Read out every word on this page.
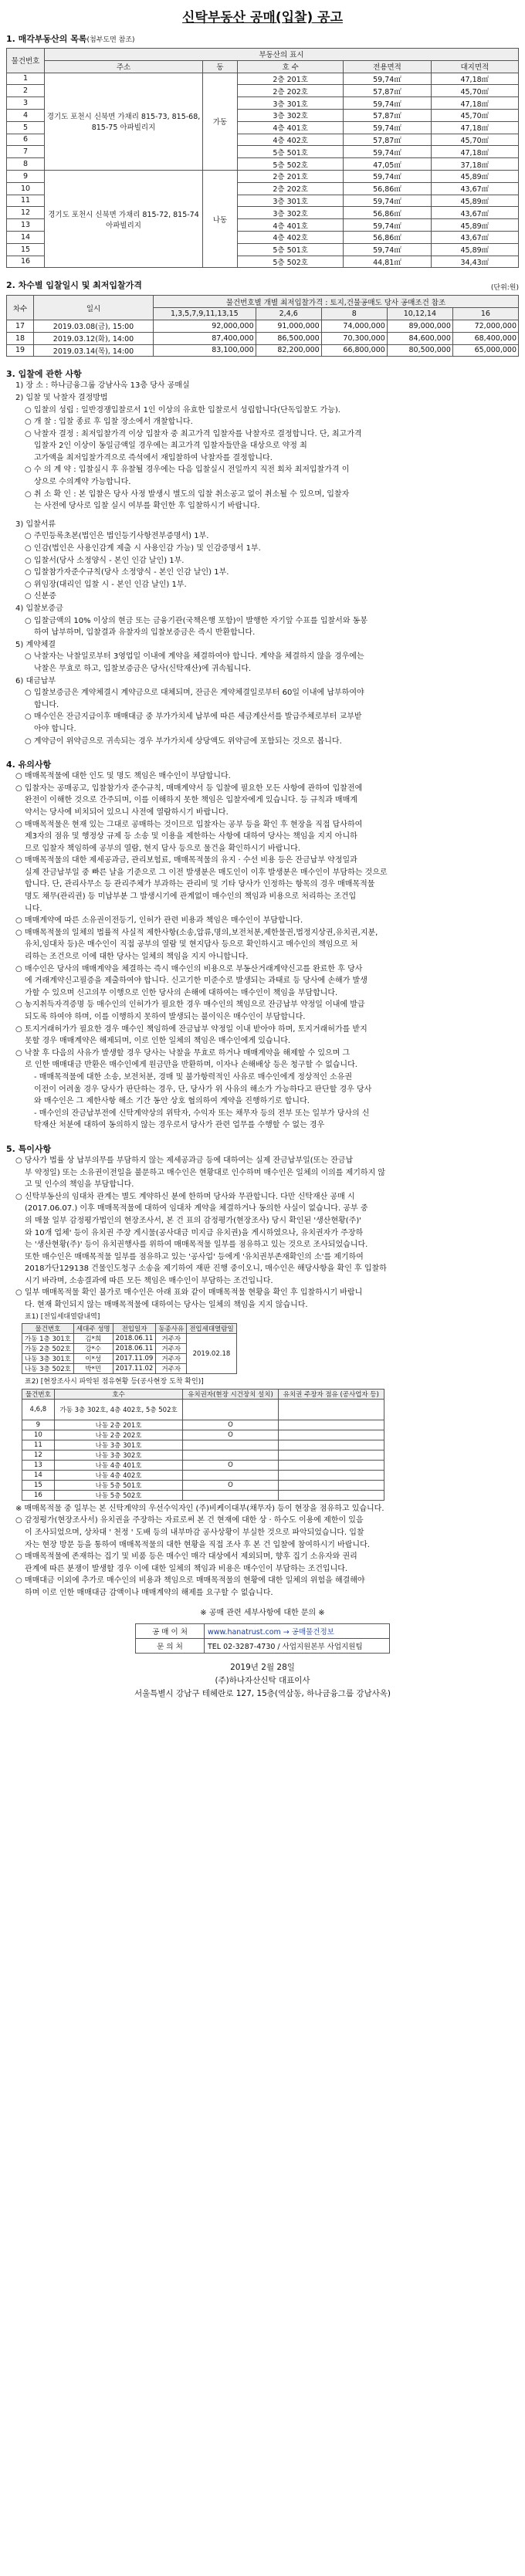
신탁부동산 공매(입찰) 공고
1. 매각부동산의 목록(첨부도면 참조)
물건번호	부동산의 표시				
	주소	동	호 수	전용면적	대지면적
1	경기도 포천시 신북면 가채리 815-73, 815-68, 815-75 아파빌리지	가동	2층 201호	59,74㎡	47,18㎡
2			2층 202호	57,87㎡	45,70㎡
3			3층 301호	59,74㎡	47,18㎡
4			3층 302호	57,87㎡	45,70㎡
5			4층 401호	59,74㎡	47,18㎡
6			4층 402호	57,87㎡	45,70㎡
7			5층 501호	59,74㎡	47,18㎡
8			5층 502호	47,05㎡	37,18㎡
9	경기도 포천시 신북면 가채리 815-72, 815-74 아파빌리지	나동	2층 201호	59,74㎡	45,89㎡
10			2층 202호	56,86㎡	43,67㎡
11			3층 301호	59,74㎡	45,89㎡
12			3층 302호	56,86㎡	43,67㎡
13			4층 401호	59,74㎡	45,89㎡
14			4층 402호	56,86㎡	43,67㎡
15			5층 501호	59,74㎡	45,89㎡
16			5층 502호	44,81㎡	34,43㎡
2. 차수별 입찰일시 및 최저입찰가격	(단위:원)
차수	일시	물건번호별 개별 최저입찰가격 : 토지,건물공매도 당사 공매조건 참조				
		1,3,5,7,9,11,13,15	2,4,6	8	10,12,14	16
17	2019.03.08(금), 15:00	92,000,000	91,000,000	74,000,000	89,000,000	72,000,000
18	2019.03.12(화), 14:00	87,400,000	86,500,000	70,300,000	84,600,000	68,400,000
19	2019.03.14(목), 14:00	83,100,000	82,200,000	66,800,000	80,500,000	65,000,000
3. 입찰에 관한 사항

1) 장 소 : 하나금융그룹 강남사옥 13층 당사 공매실

2) 입찰 및 낙찰자 결정방법

○ 입찰의 성립 : 일반경쟁입찰로서 1인 이상의 유효한 입찰로서 성립합니다(단독입찰도 가능).

○ 개 찰 : 입찰 종료 후 입찰 장소에서 개찰합니다.

○ 낙찰자 결정 : 최저입찰가격 이상 입찰자 중 최고가격 입찰자를 낙찰자로 결정합니다. 단, 최고가격

입찰자 2인 이상이 동일금액일 경우에는 최고가격 입찰자들만을 대상으로 약정 최

고가액을 최저입찰가격으로 즉석에서 재입찰하여 낙찰자를 결정합니다.

○ 수 의 계 약 : 입찰실시 후 유찰될 경우에는 다음 입찰실시 전일까지 직전 회차 최저입찰가격 이

상으로 수의계약 가능합니다.

○ 취 소 확 인 : 본 입찰은 당사 사정 발생시 별도의 입찰 취소공고 없이 취소될 수 있으며, 입찰자

는 사전에 당사로 입찰 실시 여부를 확인한 후 입찰하시기 바랍니다.

3) 입찰서류

○ 주민등록초본(법인은 법인등기사항전부증명서) 1부.

○ 인감(법인은 사용인감계 제출 시 사용인감 가능) 및 인감증명서 1부.

○ 입찰서(당사 소정양식 - 본인 인감 날인) 1부.

○ 입찰참가자준수규칙(당사 소정양식 - 본인 인감 날인) 1부.

○ 위임장(대리인 입찰 시 - 본인 인감 날인) 1부.

○ 신분증

4) 입찰보증금

○ 입찰금액의 10% 이상의 현금 또는 금융기관(국책은행 포함)이 발행한 자기앞 수표를 입찰서와 동봉

하여 납부하며, 입찰결과 유찰자의 입찰보증금은 즉시 반환합니다.

5) 계약체결

○ 낙찰자는 낙찰일로부터 3영업일 이내에 계약을 체결하여야 합니다. 계약을 체결하지 않을 경우에는

낙찰은 무효로 하고, 입찰보증금은 당사(신탁재산)에 귀속됩니다.

6) 대금납부

○ 입찰보증금은 계약체결시 계약금으로 대체되며, 잔금은 계약체결일로부터 60일 이내에 납부하여야

합니다.

○ 매수인은 잔금지급이후 매매대금 중 부가가치세 납부에 따른 세금계산서를 발급주체로부터 교부받

아야 합니다.

○ 계약금이 위약금으로 귀속되는 경우 부가가치세 상당액도 위약금에 포함되는 것으로 봅니다.

4. 유의사항

○ 매매목적물에 대한 인도 및 명도 책임은 매수인이 부담합니다.

○ 입찰자는 공매공고, 입찰참가자 준수규칙, 매매계약서 등 입찰에 필요한 모든 사항에 관하여 입찰전에

완전이 이해한 것으로 간주되며, 이를 이해하지 못한 책임은 입찰자에게 있습니다. 등 규칙과 매매계

약서는 당사에 비치되어 있으니 사전에 열람하시기 바랍니다.

○ 매매목적물은 현재 있는 그대로 공매하는 것이므로 입찰자는 공부 등을 확인 후 현장을 직접 답사하여

제3자의 점유 및 행정상 규제 등 소송 및 이용을 제한하는 사항에 대하여 당사는 책임을 지지 아니하

므로 입찰자 책임하에 공부의 열람, 현지 답사 등으로 물건을 확인하시기 바랍니다.

○ 매매목적물의 대한 제세공과금, 관리보험료, 매매목적물의 유지 · 수선 비용 등은 잔금납부 약정일과

실제 잔금납부일 중 빠른 날을 기준으로 그 이전 발생분은 매도인이 이후 발생분은 매수인이 부담하는 것으로

합니다. 단, 관리사무소 등 관리주체가 부과하는 관리비 및 기타 당사가 인정하는 항목의 경우 매매목적물

명도 채무(관리권) 등 미납부분 그 발생시기에 관계없이 매수인의 책임과 비용으로 처리하는 조건입

니다.

○ 매매계약에 따른 소유권이전등기, 인허가 관련 비용과 책임은 매수인이 부담합니다.

○ 매매목적물의 일체의 법률적 사실적 제한사항(소송,압류,명의,보전처분,제한물권,법정지상권,유치권,지분,

유치,임대차 등)은 매수인이 직접 공부의 열람 및 현지답사 등으로 확인하시고 매수인의 책임으로 처

리하는 조건으로 이에 대한 당사는 일체의 책임을 지지 아니합니다.

○ 매수인은 당사의 매매계약을 체결하는 즉시 매수인의 비용으로 부동산거래계약신고를 완료한 후 당사

에 거래계약신고필증을 제출하여야 합니다. 신고기한 미준수로 발생되는 과태료 등 당사에 손해가 발생

가할 수 있으며 신고의무 이행으로 인한 당사의 손해에 대하여는 매수인이 책임을 부담합니다.

○ 농지취득자격증명 등 매수인의 인허가가 필요한 경우 매수인의 책임으로 잔금납부 약정일 이내에 발급

되도록 하여야 하며, 이를 이행하지 못하여 발생되는 불이익은 매수인이 부담합니다.

○ 토지거래허가가 필요한 경우 매수인 책임하에 잔금납부 약정일 이내 받아야 하며, 토지거래허가를 받지

못할 경우 매매계약은 해제되며, 이로 인한 일체의 책임은 매수인에게 있습니다.

○ 낙찰 후 다음의 사유가 발생할 경우 당사는 낙찰을 무효로 하거나 매매계약을 해제할 수 있으며 그

로 인한 매매대금 반환은 매수인에게 원금만을 반환하며, 이자나 손해배상 등은 청구할 수 없습니다.

- 매매목적물에 대한 소송, 보전처분, 경매 및 불가항력적인 사유로 매수인에게 정상적인 소유권

이전이 어려울 경우 당사가 판단하는 경우, 단, 당사가 위 사유의 해소가 가능하다고 판단할 경우 당사

와 매수인은 그 제한사항 해소 기간 동안 상호 협의하여 계약을 진행하기로 합니다.

- 매수인의 잔금납부전에 신탁계약상의 위탁자, 수익자 또는 채무자 등의 전부 또는 일부가 당사의 신

탁재산 처분에 대하여 동의하지 않는 경우로서 당사가 관련 업무를 수행할 수 없는 경우

5. 특이사항

○ 당사가 법률 상 납부의무를 부담하지 않는 제세공과금 등에 대하여는 실제 잔금납부일(또는 잔금납

부 약정일) 또는 소유권이전일을 불문하고 매수인은 현황대로 인수하며 매수인은 일체의 이의를 제기하지 않

고 및 인수의 책임을 부담합니다.

○ 신탁부동산의 임대차 관계는 별도 계약하신 분에 한하며 당사와 무관합니다. 다만 신탁재산 공매 시

(2017.06.07.) 이후 매매목적물에 대하여 임대차 계약을 체결하거나 동의한 사실이 없습니다. 공부 중

의 매물 일부 감정평가법인의 현장조사서, 본 건 표의 감정평가(현장조사) 당시 확인된 '생산현황(주)'

와 10개 업체' 등이 유치권 주장 게시물(공사대금 미지급 유치권)을 게시하였으나, 유치권자가 주장하

는 '생산현황(주)' 등이 유치권행사를 위하여 매매목적물 일부를 점유하고 있는 것으로 조사되었습니다.

또한 매수인은 매매목적물 일부를 점유하고 있는 '공사업' 등에게 '유치권부존재확인의 소'를 제기하여

2018가단129138 건물인도청구 소송을 제기하여 재판 진행 중이오니, 매수인은 해당사항을 확인 후 입찰하

시기 바라며, 소송결과에 따른 모든 책임은 매수인이 부담하는 조건입니다.

○ 일부 매매목적물 확인 불가로 매수인은 아래 표와 같이 매매목적물 현황을 확인 후 입찰하시기 바랍니

다. 현재 확인되지 않는 매매목적물에 대하여는 당사는 일체의 책임을 지지 않습니다.

표1) [전입세대열람내역]
물건번호	세대주 성명	전입일자	동종사유	전입세대열람일
가동 1층 301호	김*희	2018.06.11	거주자	2019.02.18
가동 2층 502호	강*수	2018.06.11	거주자	
나동 3층 301호	이*성	2017.11.09	거주자	
나동 3층 502호	박*민	2017.11.02	거주자	
표2) [현장조사시 파악된 점유현황 등(공사현장 도착 확인)]
물건번호	호수	유치권자(현장 시건장치 설치)	유치권 주장자 점유 (공사업자 등)
4,6,8	가동 3층 302호, 4층 402호, 5층 502호		
9	나동 2층 201호	O	
10	나동 2층 202호	O	
11	나동 3층 301호		
12	나동 3층 302호		
13	나동 4층 401호	O	
14	나동 4층 402호		
15	나동 5층 501호	O	
16	나동 5층 502호		

※ 매매목적물 중 일부는 본 신탁계약의 우선수익자인 (주)비케이대부(채무자) 등이 현장을 점유하고 있습니다.

○ 감정평가(현장조사서) 유치권을 주장하는 자료로써 본 건 현재에 대한 상 · 하수도 이용에 제한이 있음

이 조사되었으며, 상차대 ' 천정 ' 도배 등의 내부마감 공사상황이 부실한 것으로 파악되었습니다. 입찰

자는 현장 방문 등을 통하여 매매목적물의 대한 현황을 직접 조사 후 본 건 입찰에 참여하시기 바랍니다.

○ 매매목적물에 존재하는 집기 및 비품 등은 매수인 매각 대상에서 제외되며, 향후 집기 소유자와 권리

관계에 따른 분쟁이 발생할 경우 이에 대한 일체의 책임과 비용은 매수인이 부담하는 조건입니다.

○ 매매대금 이외에 추가로 매수인의 비용과 책임으로 매매목적물의 현황에 대한 일체의 위험을 해결해야

하며 이로 인한 매매대금 감액이나 매매계약의 해제를 요구할 수 없습니다.

※ 공매 관련 세부사항에 대한 문의 ※
공 매 이 처	www.hanatrust.com → 공매물건정보
문 의 처	TEL 02-3287-4730 / 사업지원본부 사업지원팀
2019년 2월 28일
(주)하나자산신탁 대표이사
서울특별시 강남구 테헤란로 127, 15층(역삼동, 하나금융그룹 강남사옥)
